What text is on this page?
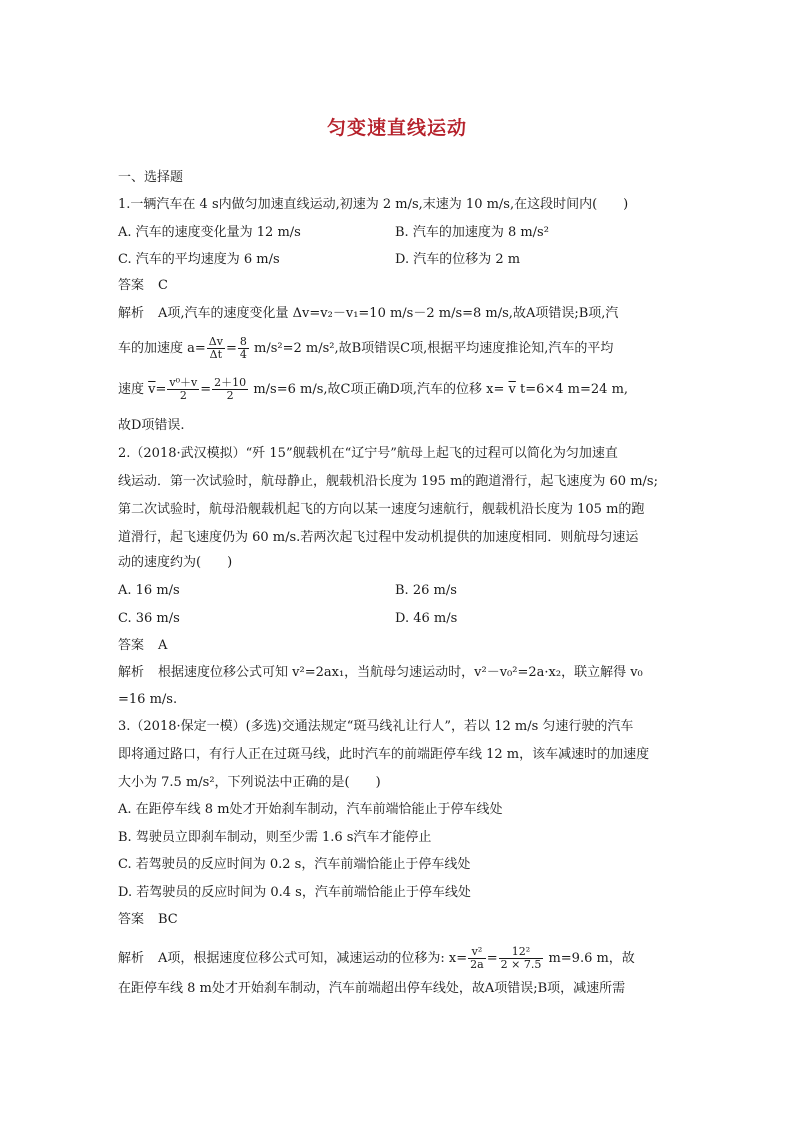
匀变速直线运动
一、选择题
1.一辆汽车在 4 s内做匀加速直线运动,初速为 2 m/s,末速为 10 m/s,在这段时间内(　　)
A. 汽车的速度变化量为 12 m/s	B. 汽车的加速度为 8 m/s²
C. 汽车的平均速度为 6 m/s	D. 汽车的位移为 2 m
答案 C
解析 A项,汽车的速度变化量 Δv=v₂－v₁=10 m/s－2 m/s=8 m/s,故A项错误;B项,汽
车的加速度 $a= \frac{\Delta v}{\Delta t} = \frac{8}{4} m/s^2=2$ m/s²,故B项错误C项,根据平均速度推论知,汽车的平均
速度 $\overline{v}= \frac{\text{v⁰＋v}}{2} = \frac{2+10}{2} m/s=6$ m/s,故C项正确D项,汽车的位移 $x= \overline{v}$ t=6×4 m=24 m,
故D项错误.
2.（2018·武汉模拟）“歼 15”舰载机在“辽宁号”航母上起飞的过程可以简化为匀加速直
线运动．第一次试验时，航母静止，舰载机沿长度为 195 m的跑道滑行，起飞速度为 60 m/s;
第二次试验时，航母沿舰载机起飞的方向以某一速度匀速航行，舰载机沿长度为 105 m的跑
道滑行，起飞速度仍为 60 m/s.若两次起飞过程中发动机提供的加速度相同．则航母匀速运
动的速度约为(　　)
A. 16 m/s	B. 26 m/s
C. 36 m/s	D. 46 m/s
答案 A
解析 根据速度位移公式可知 v²=2ax₁，当航母匀速运动时，v²－v₀²=2a·x₂，联立解得 v₀
=16 m/s.
3.（2018·保定一模）(多选)交通法规定“斑马线礼让行人”，若以 12 m/s 匀速行驶的汽车
即将通过路口，有行人正在过斑马线，此时汽车的前端距停车线 12 m，该车减速时的加速度
大小为 7.5 m/s²，下列说法中正确的是(　　)
A. 在距停车线 8 m处才开始刹车制动，汽车前端恰能止于停车线处
B. 驾驶员立即刹车制动，则至少需 1.6 s汽车才能停止
C. 若驾驶员的反应时间为 0.2 s，汽车前端恰能止于停车线处
D. 若驾驶员的反应时间为 0.4 s，汽车前端恰能止于停车线处
答案 BC
解析 A项，根据速度位移公式可知，减速运动的位移为: $x= \frac{\text{v²}}{2a} = \frac{\text{12²}}{2 \times 7.5} m=9.6$ m，故
在距停车线 8 m处才开始刹车制动，汽车前端超出停车线处，故A项错误;B项，减速所需
